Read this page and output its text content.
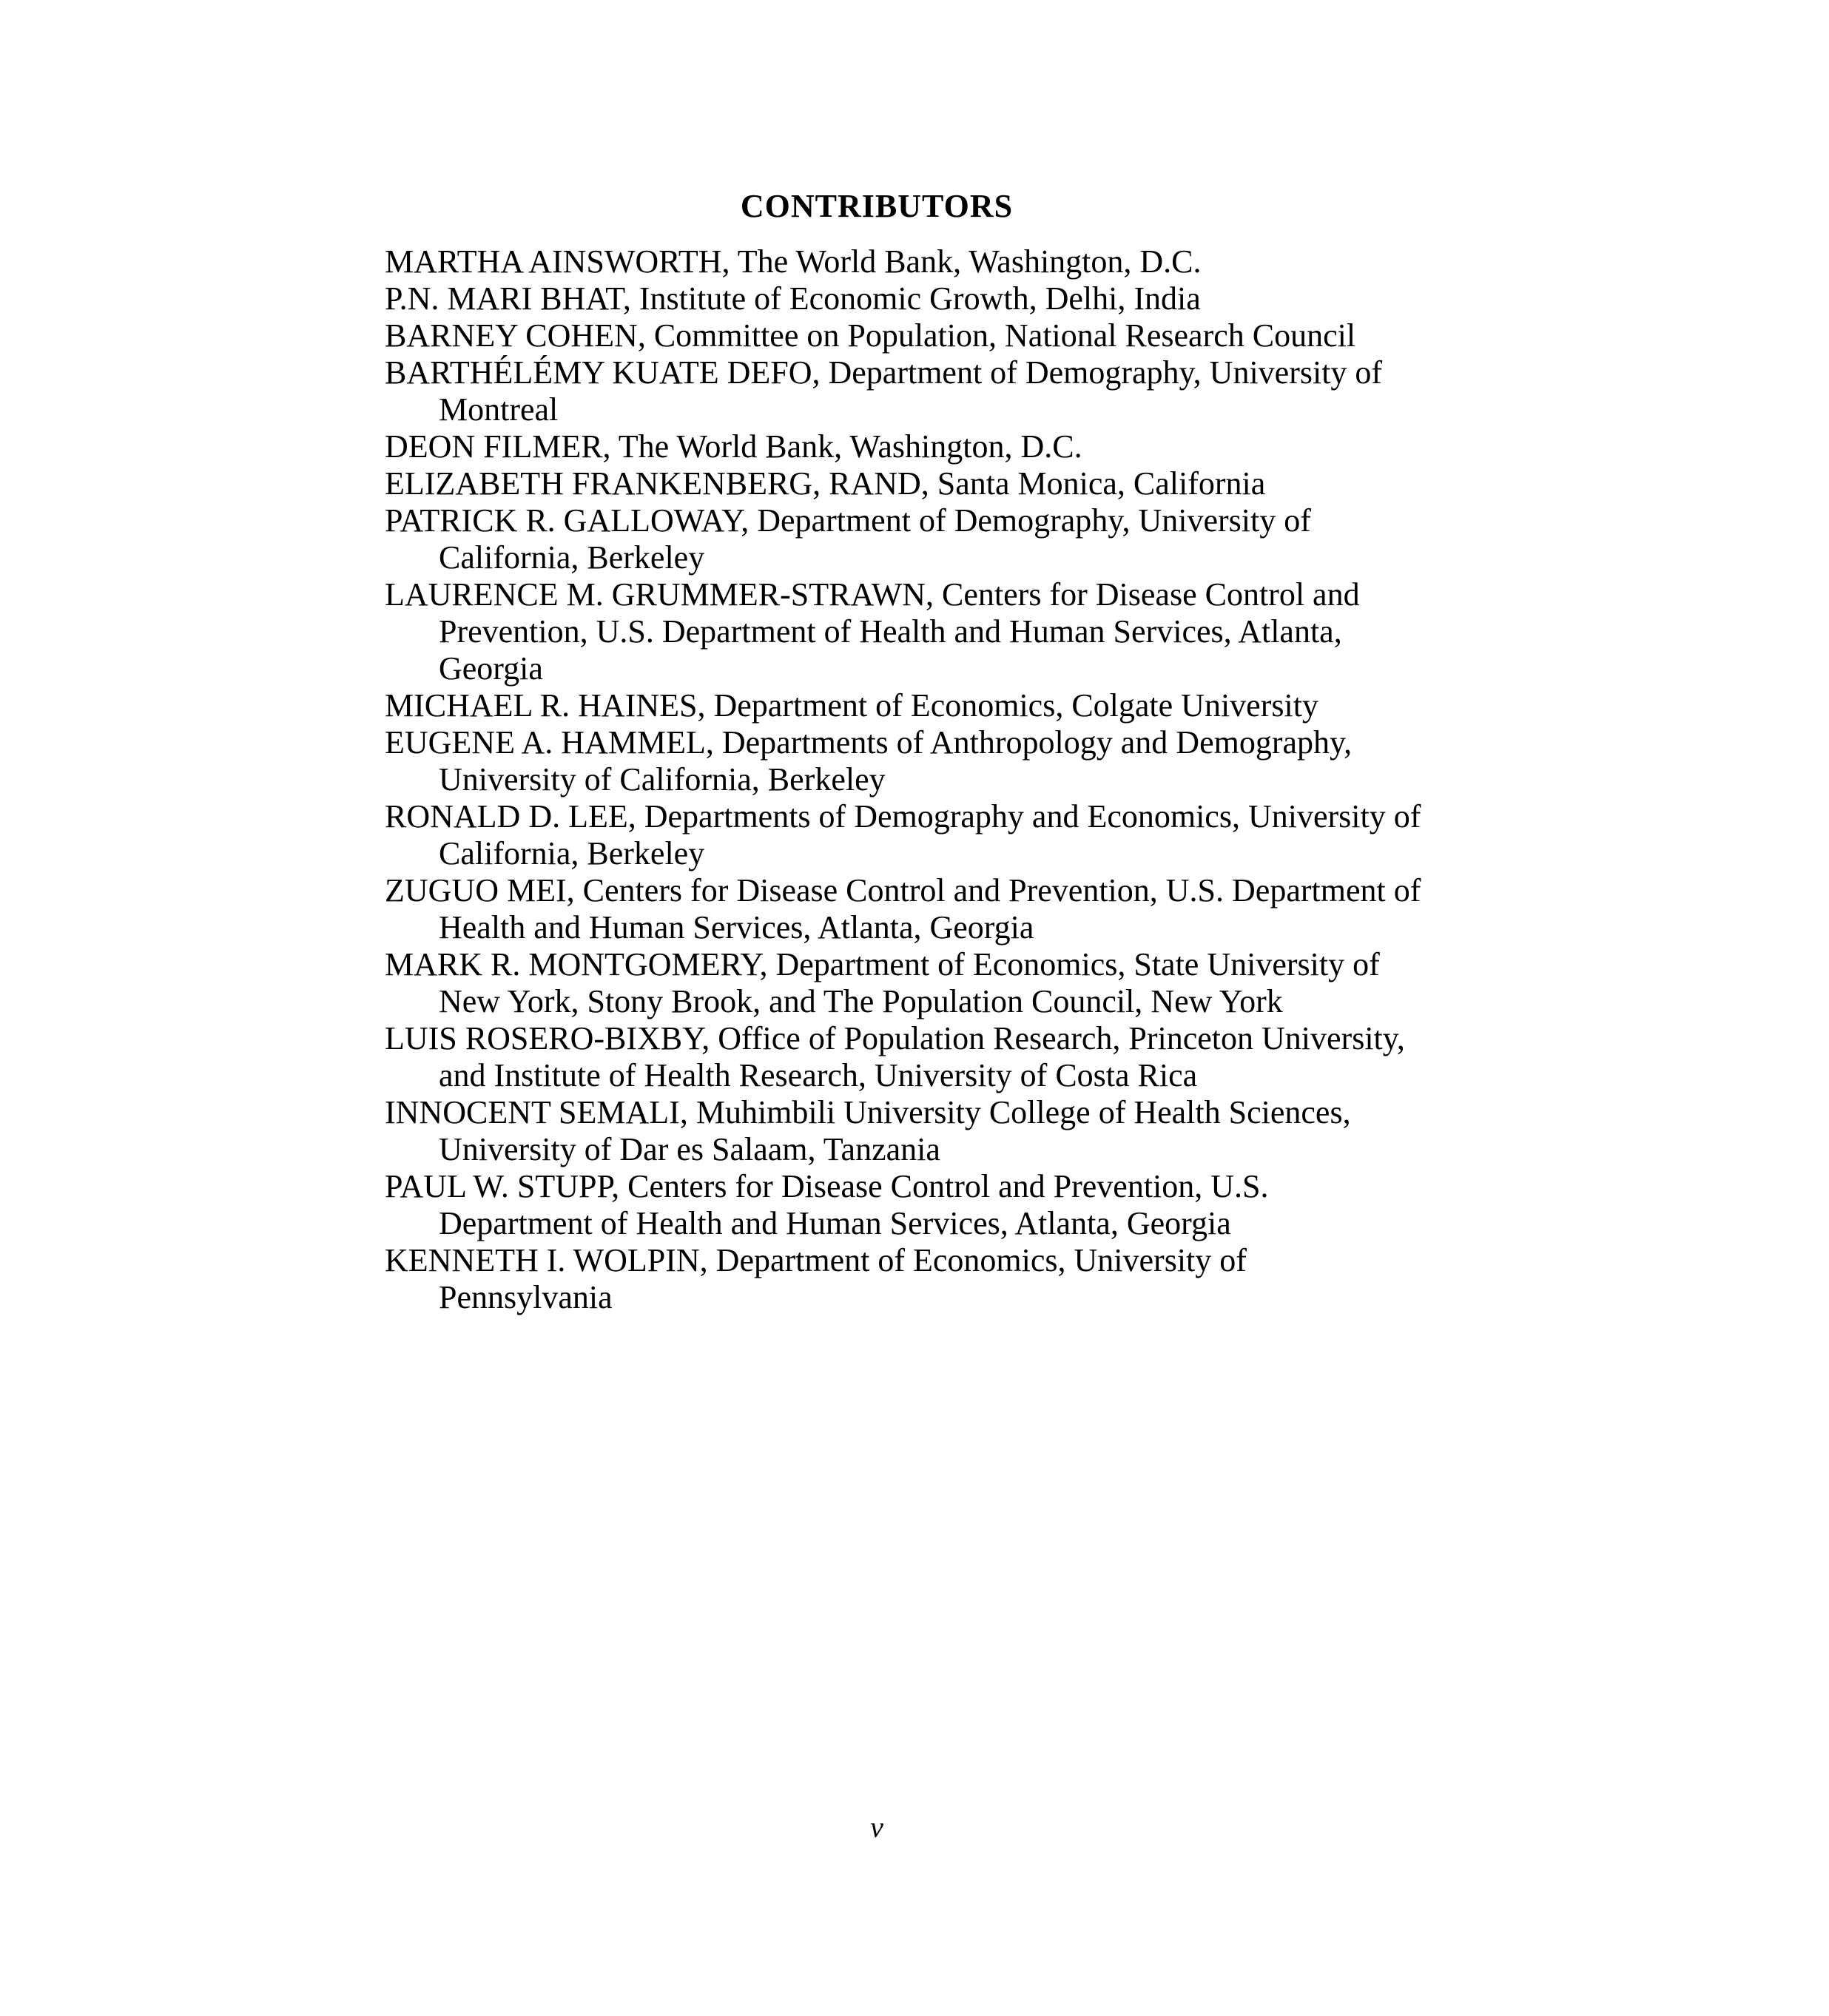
CONTRIBUTORS
MARTHA AINSWORTH, The World Bank, Washington, D.C.
P.N. MARI BHAT, Institute of Economic Growth, Delhi, India
BARNEY COHEN, Committee on Population, National Research Council
BARTHÉLÉMY KUATE DEFO, Department of Demography, University of
Montreal
DEON FILMER, The World Bank, Washington, D.C.
ELIZABETH FRANKENBERG, RAND, Santa Monica, California
PATRICK R. GALLOWAY, Department of Demography, University of
California, Berkeley
LAURENCE M. GRUMMER-STRAWN, Centers for Disease Control and
Prevention, U.S. Department of Health and Human Services, Atlanta,
Georgia
MICHAEL R. HAINES, Department of Economics, Colgate University
EUGENE A. HAMMEL, Departments of Anthropology and Demography,
University of California, Berkeley
RONALD D. LEE, Departments of Demography and Economics, University of
California, Berkeley
ZUGUO MEI, Centers for Disease Control and Prevention, U.S. Department of
Health and Human Services, Atlanta, Georgia
MARK R. MONTGOMERY, Department of Economics, State University of
New York, Stony Brook, and The Population Council, New York
LUIS ROSERO-BIXBY, Office of Population Research, Princeton University,
and Institute of Health Research, University of Costa Rica
INNOCENT SEMALI, Muhimbili University College of Health Sciences,
University of Dar es Salaam, Tanzania
PAUL W. STUPP, Centers for Disease Control and Prevention, U.S.
Department of Health and Human Services, Atlanta, Georgia
KENNETH I. WOLPIN, Department of Economics, University of
Pennsylvania
v
